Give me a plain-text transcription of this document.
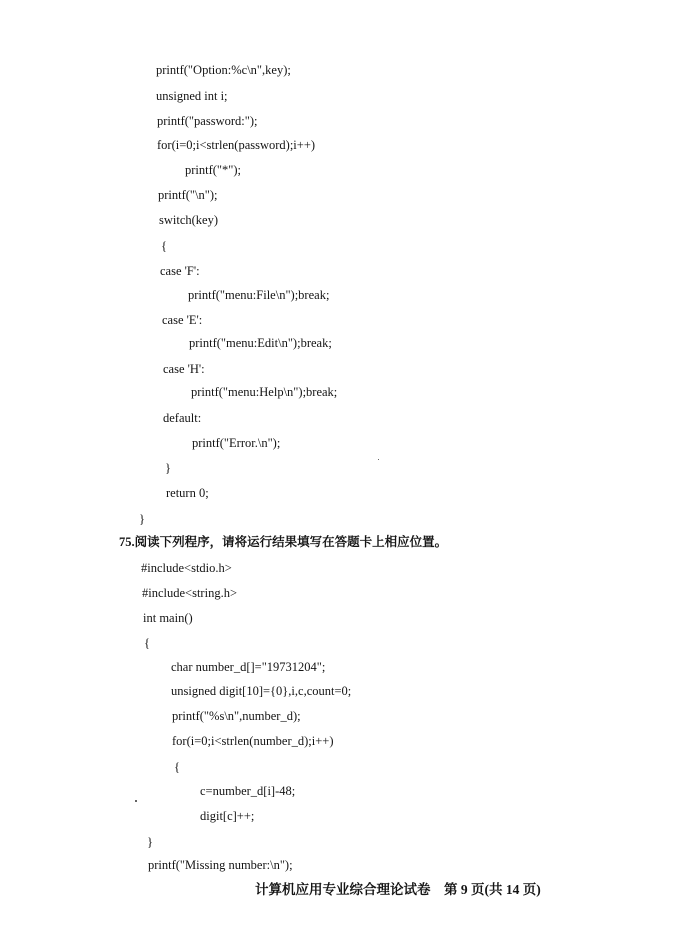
printf("Option:%c\n",key);
unsigned int i;
printf("password:");
for(i=0;i<strlen(password);i++)
printf("*");
printf("\n");
switch(key)
{
case 'F':
printf("menu:File\n");break;
case 'E':
printf("menu:Edit\n");break;
case 'H':
printf("menu:Help\n");break;
default:
printf("Error.\n");
}
return 0;
}
75.阅读下列程序，请将运行结果填写在答题卡上相应位置。
#include<stdio.h>
#include<string.h>
int main()
{
char number_d[]="19731204";
unsigned digit[10]={0},i,c,count=0;
printf("%s\n",number_d);
for(i=0;i<strlen(number_d);i++)
{
c=number_d[i]-48;
digit[c]++;
}
printf("Missing number:\n");
计算机应用专业综合理论试卷　第 9 页(共 14 页)
